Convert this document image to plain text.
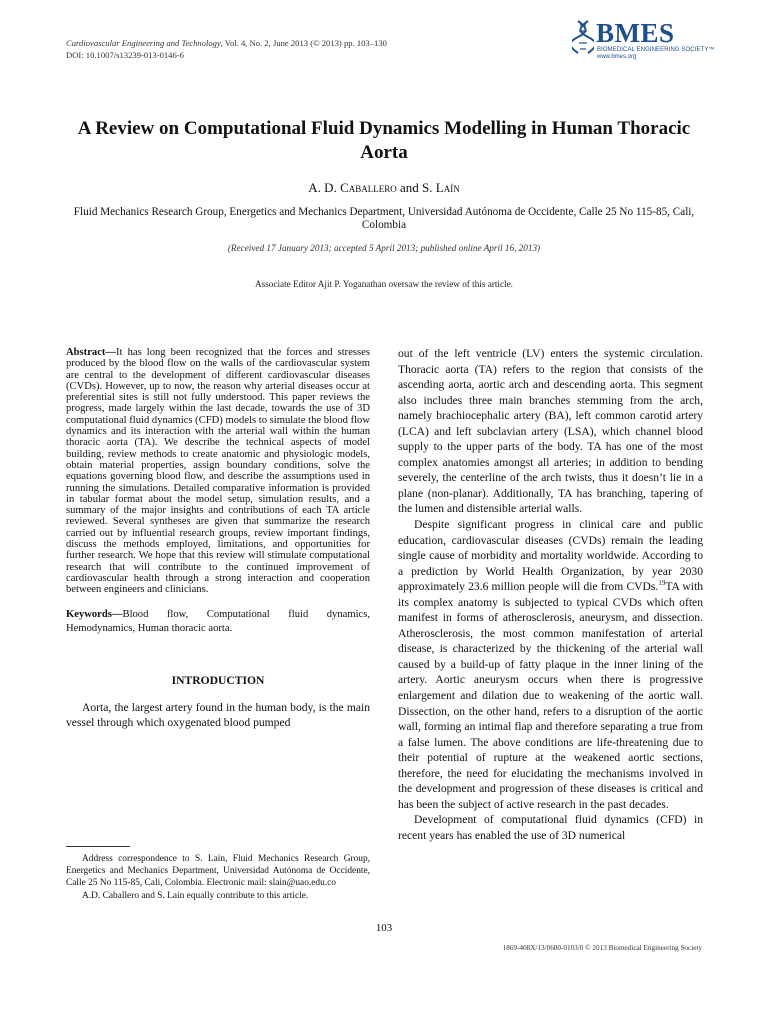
Cardiovascular Engineering and Technology, Vol. 4, No. 2, June 2013 (© 2013) pp. 103–130
DOI: 10.1007/s13239-013-0146-6
BMES
BIOMEDICAL ENGINEERING SOCIETY™
www.bmes.org
A Review on Computational Fluid Dynamics Modelling in Human Thoracic Aorta
A. D. Caballero and S. Laín
Fluid Mechanics Research Group, Energetics and Mechanics Department, Universidad Autónoma de Occidente, Calle 25 No 115-85, Cali, Colombia
(Received 17 January 2013; accepted 5 April 2013; published online April 16, 2013)
Associate Editor Ajit P. Yoganathan oversaw the review of this article.

Abstract—It has long been recognized that the forces and stresses produced by the blood flow on the walls of the cardiovascular system are central to the development of different cardiovascular diseases (CVDs). However, up to now, the reason why arterial diseases occur at preferential sites is still not fully understood. This paper reviews the progress, made largely within the last decade, towards the use of 3D computational fluid dynamics (CFD) models to simulate the blood flow dynamics and its interaction with the arterial wall within the human thoracic aorta (TA). We describe the technical aspects of model building, review methods to create anatomic and physiologic models, obtain material properties, assign boundary conditions, solve the equations governing blood flow, and describe the assumptions used in running the simulations. Detailed comparative information is provided in tabular format about the model setup, simulation results, and a summary of the major insights and contributions of each TA article reviewed. Several syntheses are given that summarize the research carried out by influential research groups, review important findings, discuss the methods employed, limitations, and opportunities for further research. We hope that this review will stimulate computational research that will contribute to the continued improvement of cardiovascular health through a strong interaction and cooperation between engineers and clinicians.

Keywords—Blood flow, Computational fluid dynamics, Hemodynamics, Human thoracic aorta.

INTRODUCTION

Aorta, the largest artery found in the human body, is the main vessel through which oxygenated blood pumped

Address correspondence to S. Laín, Fluid Mechanics Research Group, Energetics and Mechanics Department, Universidad Autónoma de Occidente, Calle 25 No 115-85, Cali, Colombia. Electronic mail: slain@uao.edu.co

A.D. Caballero and S. Laín equally contribute to this article.

out of the left ventricle (LV) enters the systemic circulation. Thoracic aorta (TA) refers to the region that consists of the ascending aorta, aortic arch and descending aorta. This segment also includes three main branches stemming from the arch, namely brachiocephalic artery (BA), left common carotid artery (LCA) and left subclavian artery (LSA), which channel blood supply to the upper parts of the body. TA has one of the most complex anatomies amongst all arteries; in addition to bending severely, the centerline of the arch twists, thus it doesn’t lie in a plane (non-planar). Additionally, TA has branching, tapering of the lumen and distensible arterial walls.

Despite significant progress in clinical care and public education, cardiovascular diseases (CVDs) remain the leading single cause of morbidity and mortality worldwide. According to a prediction by World Health Organization, by year 2030 approximately 23.6 million people will die from CVDs.$^{19}$TA with its complex anatomy is subjected to typical CVDs which often manifest in forms of atherosclerosis, aneurysm, and dissection. Atherosclerosis, the most common manifestation of arterial disease, is characterized by the thickening of the arterial wall caused by a build-up of fatty plaque in the inner lining of the artery. Aortic aneurysm occurs when there is progressive enlargement and dilation due to weakening of the aortic wall. Dissection, on the other hand, refers to a disruption of the aortic wall, forming an intimal flap and therefore separating a true from a false lumen. The above conditions are life-threatening due to their potential of rupture at the weakened aortic sections, therefore, the need for elucidating the mechanisms involved in the development and progression of these diseases is critical and has been the subject of active research in the past decades.

Development of computational fluid dynamics (CFD) in recent years has enabled the use of 3D numerical

103
1869-408X/13/0600-0103/0 © 2013 Biomedical Engineering Society
